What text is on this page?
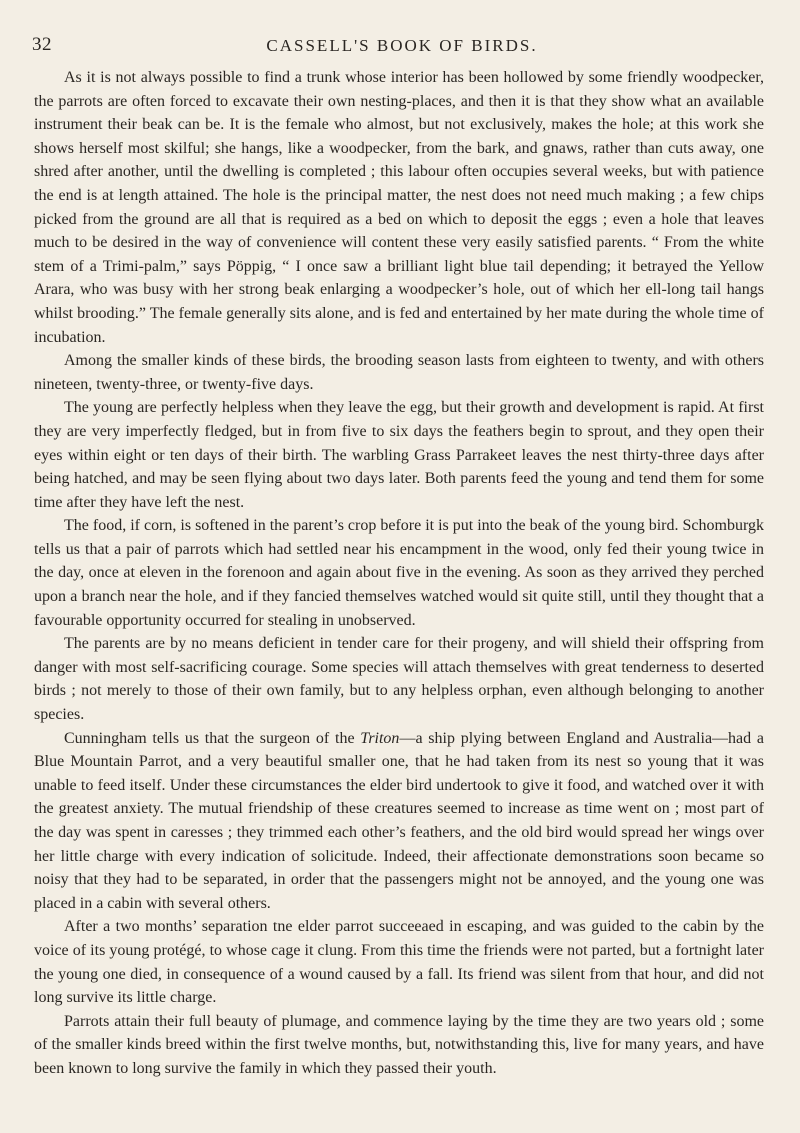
32	CASSELL'S BOOK OF BIRDS.

As it is not always possible to find a trunk whose interior has been hollowed by some friendly woodpecker, the parrots are often forced to excavate their own nesting-places, and then it is that they show what an available instrument their beak can be. It is the female who almost, but not exclusively, makes the hole; at this work she shows herself most skilful; she hangs, like a woodpecker, from the bark, and gnaws, rather than cuts away, one shred after another, until the dwelling is completed ; this labour often occupies several weeks, but with patience the end is at length attained. The hole is the principal matter, the nest does not need much making ; a few chips picked from the ground are all that is required as a bed on which to deposit the eggs ; even a hole that leaves much to be desired in the way of convenience will content these very easily satisfied parents. “ From the white stem of a Trimi-palm,” says Pöppig, “ I once saw a brilliant light blue tail depending; it betrayed the Yellow Arara, who was busy with her strong beak enlarging a woodpecker’s hole, out of which her ell-long tail hangs whilst brooding.” The female generally sits alone, and is fed and entertained by her mate during the whole time of incubation.

Among the smaller kinds of these birds, the brooding season lasts from eighteen to twenty, and with others nineteen, twenty-three, or twenty-five days.

The young are perfectly helpless when they leave the egg, but their growth and development is rapid. At first they are very imperfectly fledged, but in from five to six days the feathers begin to sprout, and they open their eyes within eight or ten days of their birth. The warbling Grass Parrakeet leaves the nest thirty-three days after being hatched, and may be seen flying about two days later. Both parents feed the young and tend them for some time after they have left the nest.

The food, if corn, is softened in the parent’s crop before it is put into the beak of the young bird. Schomburgk tells us that a pair of parrots which had settled near his encampment in the wood, only fed their young twice in the day, once at eleven in the forenoon and again about five in the evening. As soon as they arrived they perched upon a branch near the hole, and if they fancied themselves watched would sit quite still, until they thought that a favourable opportunity occurred for stealing in unobserved.

The parents are by no means deficient in tender care for their progeny, and will shield their offspring from danger with most self-sacrificing courage. Some species will attach themselves with great tenderness to deserted birds ; not merely to those of their own family, but to any helpless orphan, even although belonging to another species.

Cunningham tells us that the surgeon of the Triton—a ship plying between England and Australia—had a Blue Mountain Parrot, and a very beautiful smaller one, that he had taken from its nest so young that it was unable to feed itself. Under these circumstances the elder bird undertook to give it food, and watched over it with the greatest anxiety. The mutual friendship of these creatures seemed to increase as time went on ; most part of the day was spent in caresses ; they trimmed each other’s feathers, and the old bird would spread her wings over her little charge with every indication of solicitude. Indeed, their affectionate demonstrations soon became so noisy that they had to be separated, in order that the passengers might not be annoyed, and the young one was placed in a cabin with several others.

After a two months’ separation tne elder parrot succeeaed in escaping, and was guided to the cabin by the voice of its young protégé, to whose cage it clung. From this time the friends were not parted, but a fortnight later the young one died, in consequence of a wound caused by a fall. Its friend was silent from that hour, and did not long survive its little charge.

Parrots attain their full beauty of plumage, and commence laying by the time they are two years old ; some of the smaller kinds breed within the first twelve months, but, notwithstanding this, live for many years, and have been known to long survive the family in which they passed their youth.
